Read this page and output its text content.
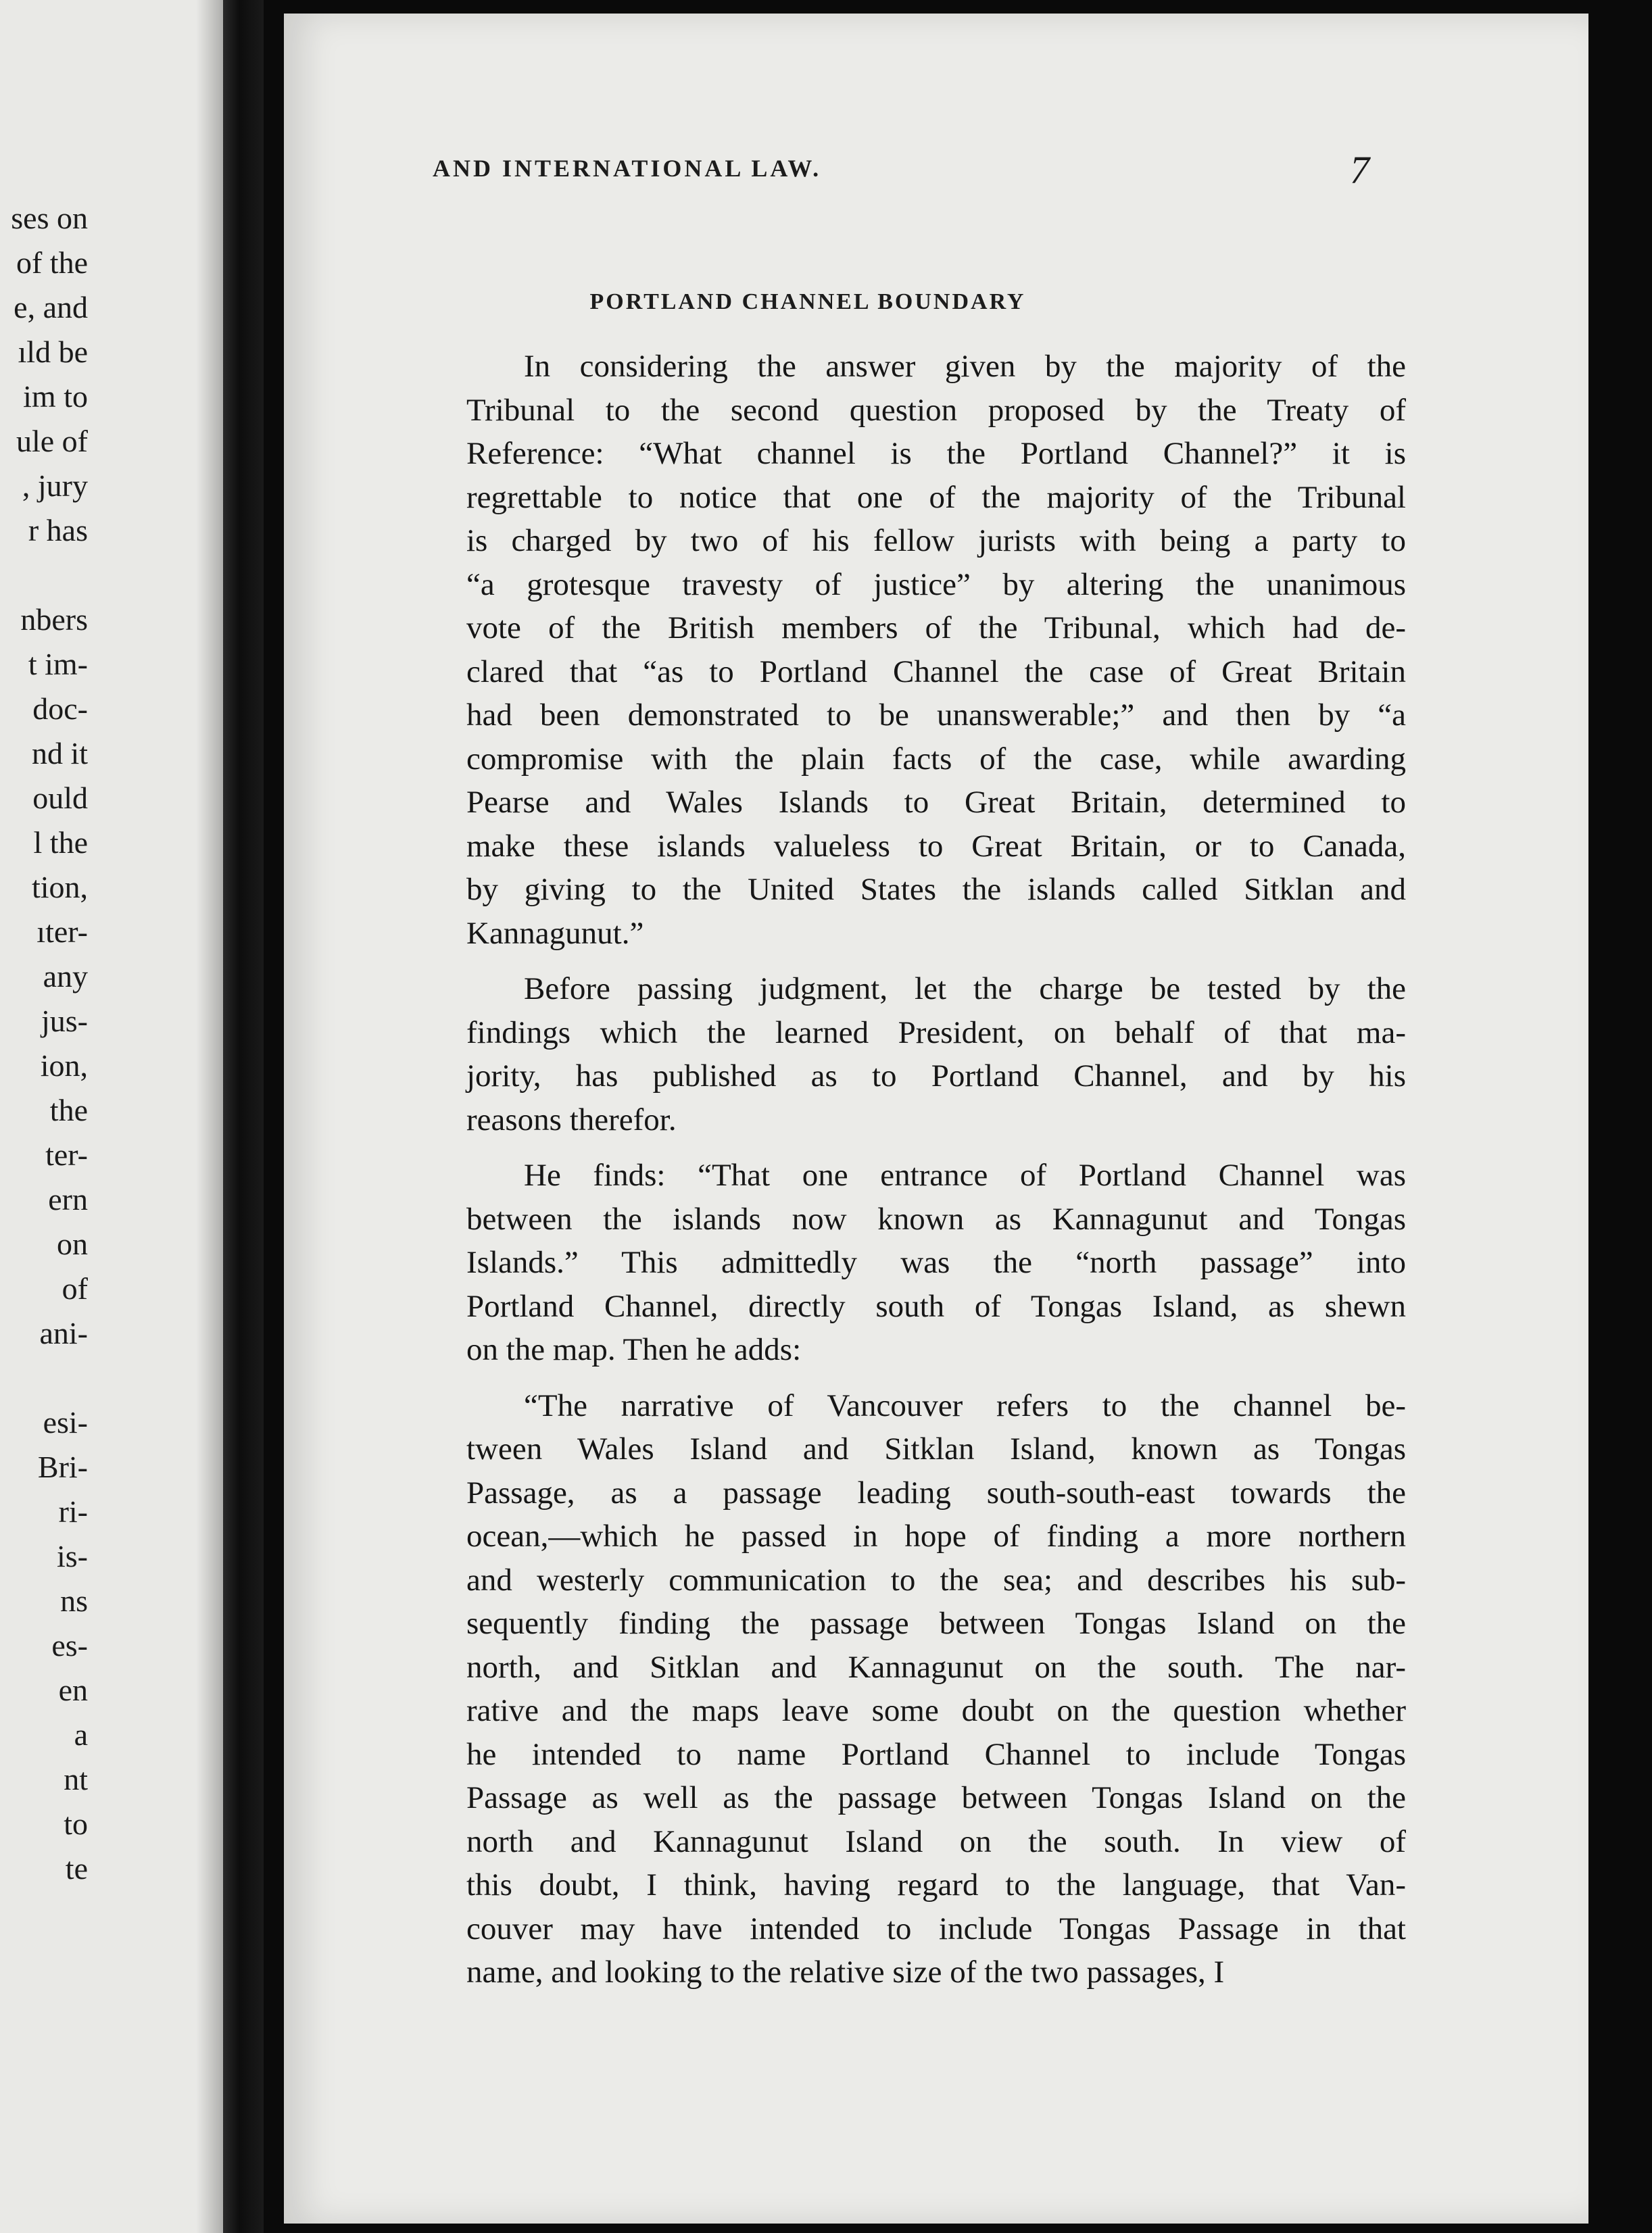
ses on
of the
e, and
ıld be
im to
ule of
, jury
r has
nbers
t im-
doc-
nd it
ould
l the
tion,
ıter-
any
jus-
ion,
the
ter-
ern
on
of
ani-
esi-
Bri-
ri-
is-
ns
es-
en
a
nt
to
te
AND INTERNATIONAL LAW.	7
PORTLAND CHANNEL BOUNDARY
In considering the answer given by the majority of the
Tribunal to the second question proposed by the Treaty of
Reference: “What channel is the Portland Channel?” it is
regrettable to notice that one of the majority of the Tribunal
is charged by two of his fellow jurists with being a party to
“a grotesque travesty of justice” by altering the unanimous
vote of the British members of the Tribunal, which had de-
clared that “as to Portland Channel the case of Great Britain
had been demonstrated to be unanswerable;” and then by “a
compromise with the plain facts of the case, while awarding
Pearse and Wales Islands to Great Britain, determined to
make these islands valueless to Great Britain, or to Canada,
by giving to the United States the islands called Sitklan and
Kannagunut.”
Before passing judgment, let the charge be tested by the
findings which the learned President, on behalf of that ma-
jority, has published as to Portland Channel, and by his
reasons therefor.
He finds: “That one entrance of Portland Channel was
between the islands now known as Kannagunut and Tongas
Islands.” This admittedly was the “north passage” into
Portland Channel, directly south of Tongas Island, as shewn
on the map. Then he adds:
“The narrative of Vancouver refers to the channel be-
tween Wales Island and Sitklan Island, known as Tongas
Passage, as a passage leading south-south-east towards the
ocean,—which he passed in hope of finding a more northern
and westerly communication to the sea; and describes his sub-
sequently finding the passage between Tongas Island on the
north, and Sitklan and Kannagunut on the south. The nar-
rative and the maps leave some doubt on the question whether
he intended to name Portland Channel to include Tongas
Passage as well as the passage between Tongas Island on the
north and Kannagunut Island on the south. In view of
this doubt, I think, having regard to the language, that Van-
couver may have intended to include Tongas Passage in that
name, and looking to the relative size of the two passages, I
